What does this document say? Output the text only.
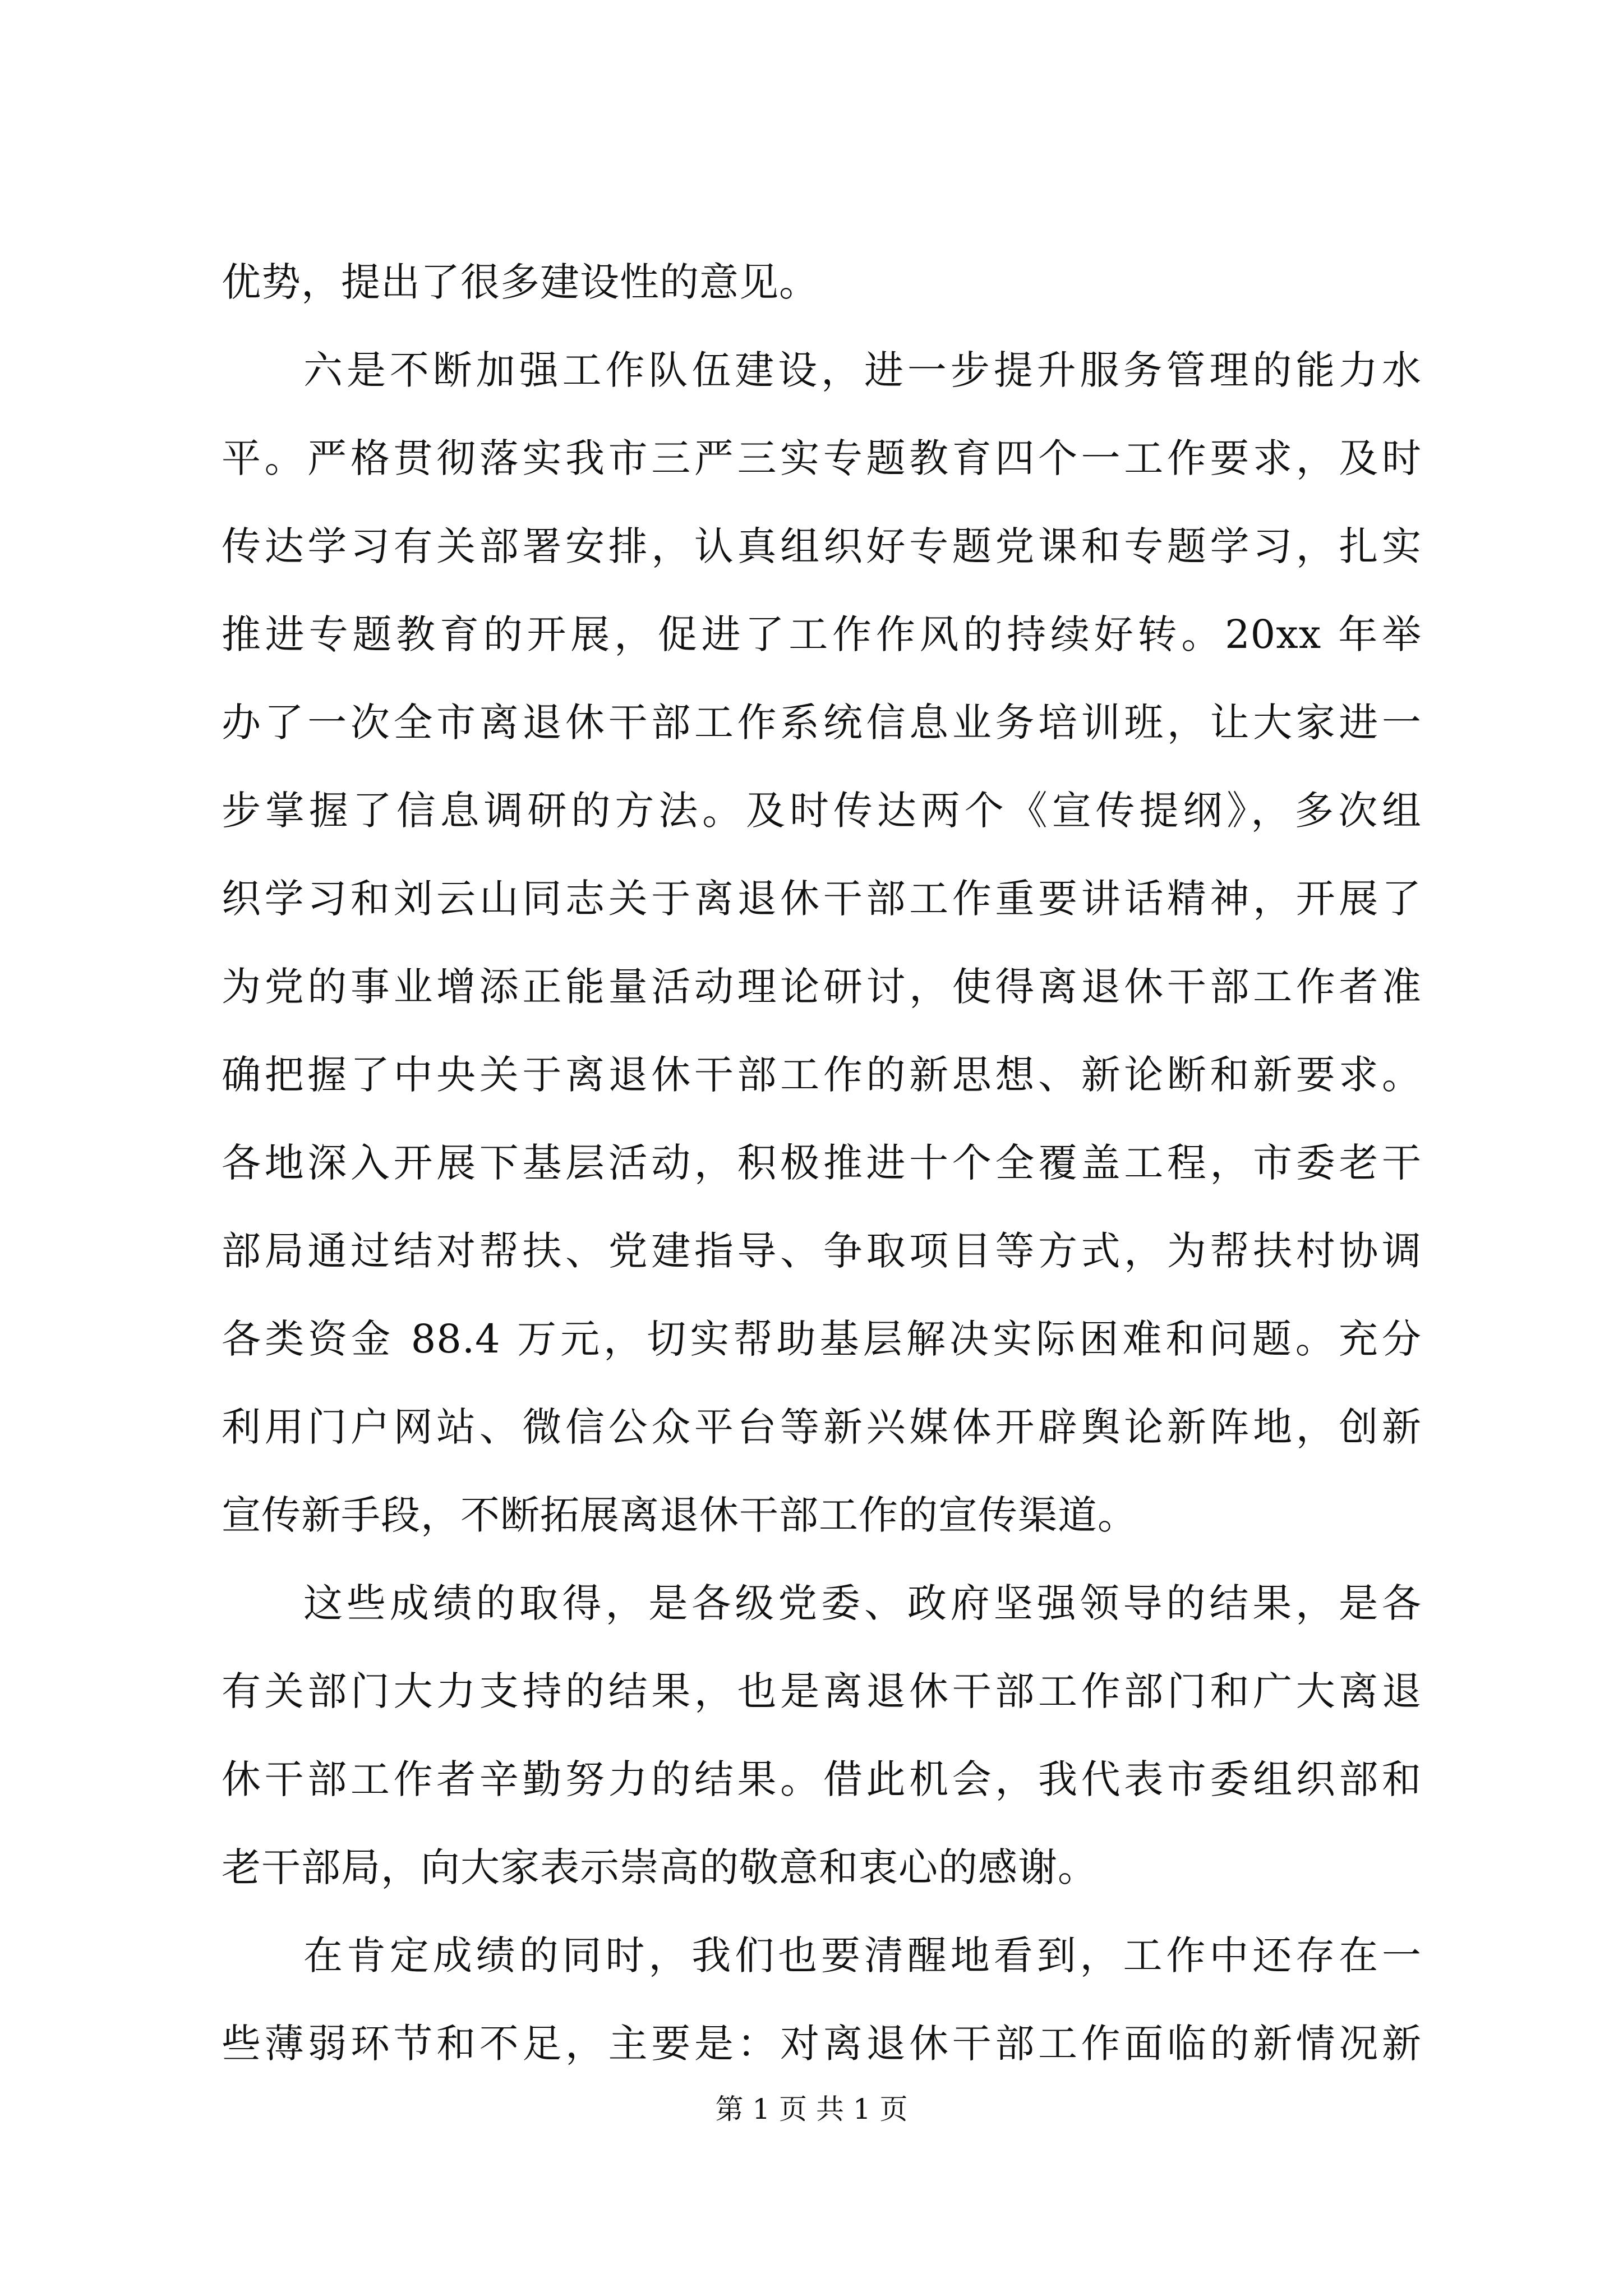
优势，提出了很多建设性的意见。
六是不断加强工作队伍建设，进一步提升服务管理的能力水
平。严格贯彻落实我市三严三实专题教育四个一工作要求，及时
传达学习有关部署安排，认真组织好专题党课和专题学习，扎实
推进专题教育的开展，促进了工作作风的持续好转。20xx 年举
办了一次全市离退休干部工作系统信息业务培训班，让大家进一
步掌握了信息调研的方法。及时传达两个《宣传提纲》，多次组
织学习和刘云山同志关于离退休干部工作重要讲话精神，开展了
为党的事业增添正能量活动理论研讨，使得离退休干部工作者准
确把握了中央关于离退休干部工作的新思想、新论断和新要求。
各地深入开展下基层活动，积极推进十个全覆盖工程，市委老干
部局通过结对帮扶、党建指导、争取项目等方式，为帮扶村协调
各类资金 88.4 万元，切实帮助基层解决实际困难和问题。充分
利用门户网站、微信公众平台等新兴媒体开辟舆论新阵地，创新
宣传新手段，不断拓展离退休干部工作的宣传渠道。
这些成绩的取得，是各级党委、政府坚强领导的结果，是各
有关部门大力支持的结果，也是离退休干部工作部门和广大离退
休干部工作者辛勤努力的结果。借此机会，我代表市委组织部和
老干部局，向大家表示崇高的敬意和衷心的感谢。
在肯定成绩的同时，我们也要清醒地看到，工作中还存在一
些薄弱环节和不足，主要是：对离退休干部工作面临的新情况新
第 1 页 共 1 页
